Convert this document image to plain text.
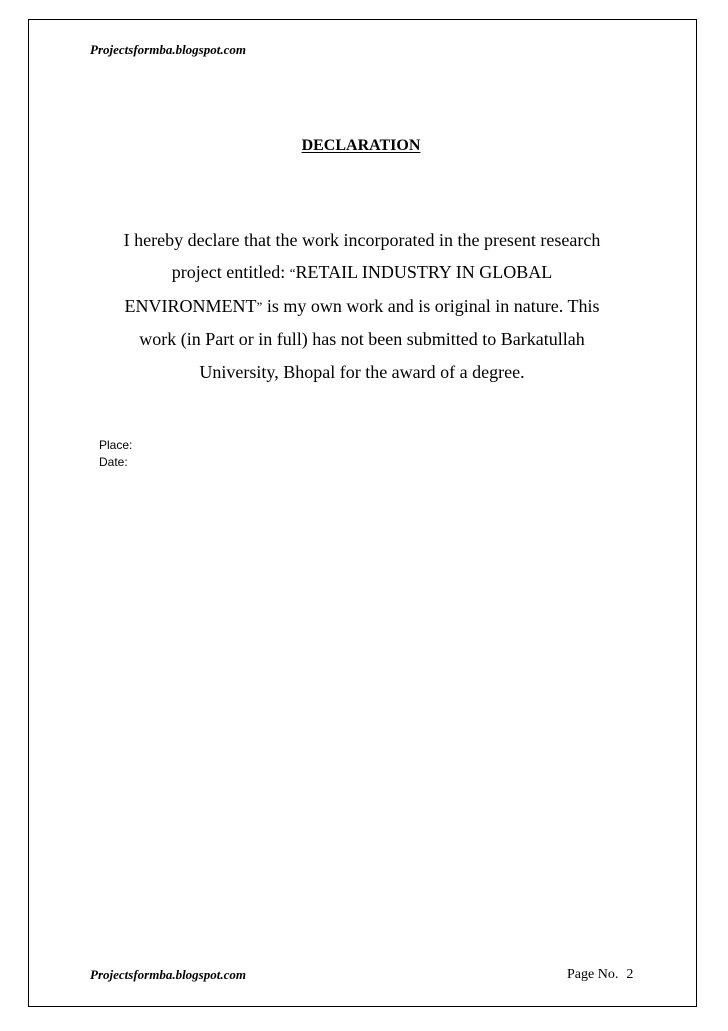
Projectsformba.blogspot.com
DECLARATION
I hereby declare that the work incorporated in the present research
project entitled: “RETAIL INDUSTRY IN GLOBAL
ENVIRONMENT” is my own work and is original in nature. This
work (in Part or in full) has not been submitted to Barkatullah
University, Bhopal for the award of a degree.
Place:
Date:
Projectsformba.blogspot.com	Page No. 2
